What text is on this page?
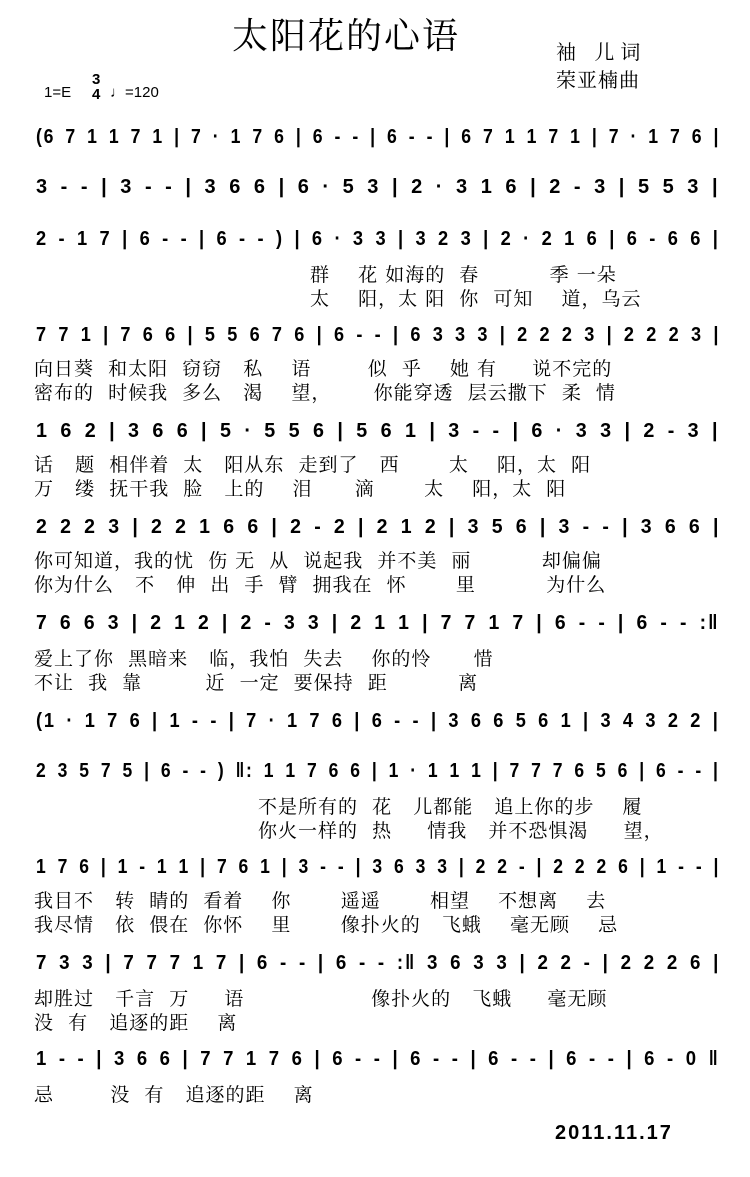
太阳花的心语	袖 儿词
荣亚楠曲
1=E
3
4 ♩=120
(6 7 1 1 7 1 | 7 · 1 7 6 | 6 - - | 6 - - | 6 7 1 1 7 1 | 7 · 1 7 6 |
3 - - | 3 - - | 3 6 6 | 6 · 5 3 | 2 · 3 1 6 | 2 - 3 | 5 5 3 |
2 - 1 7 | 6 - - | 6 - - ) | 6 · 3 3 | 3 2 3 | 2 · 2 1 6 | 6 - 6 6 |
群    花 如海的  春          季 一朵
太    阳，太 阳  你  可知    道，乌云
7 7 1 | 7 6 6 | 5 5 6 7 6 | 6 - - | 6 3 3 3 | 2 2 2 3 | 2 2 2 3 |
向日葵  和太阳  窃窃   私    语        似  乎    她 有     说不完的
密布的  时候我  多么   渴    望，      你能穿透  层云撒下  柔  情
1 6 2 | 3 6 6 | 5 · 5 5 6 | 5 6 1 | 3 - - | 6 · 3 3 | 2 - 3 |
话   题  相伴着  太   阳从东  走到了   西       太    阳，太  阳
万   缕  抚干我  脸   上的    泪      滴       太    阳，太  阳
2 2 2 3 | 2 2 1 6 6 | 2 - 2 | 2 1 2 | 3 5 6 | 3 - - | 3 6 6 |
你可知道，我的忧  伤 无  从  说起我  并不美  丽          却偏偏
你为什么   不   伸  出  手  臂  拥我在  怀       里          为什么
7 6 6 3 | 2 1 2 | 2 - 3 3 | 2 1 1 | 7 7 1 7 | 6 - - | 6 - - :‖
爱上了你  黑暗来   临，我怕  失去    你的怜      惜
不让  我  靠         近  一定  要保持  距          离
(1 · 1 7 6 | 1 - - | 7 · 1 7 6 | 6 - - | 3 6 6 5 6 1 | 3 4 3 2 2 |
2 3 5 7 5 | 6 - - ) ‖: 1 1 7 6 6 | 1 · 1 1 1 | 7 7 7 6 5 6 | 6 - - |
不是所有的  花   儿都能   追上你的步    履
你火一样的  热     情我   并不恐惧渴     望，
1 7 6 | 1 - 1 1 | 7 6 1 | 3 - - | 3 6 3 3 | 2 2 - | 2 2 2 6 | 1 - - |
我目不   转  睛的  看着    你       遥遥       相望    不想离    去
我尽情   依  偎在  你怀    里       像扑火的   飞蛾    毫无顾    忌
7 3 3 | 7 7 7 1 7 | 6 - - | 6 - - :‖ 3 6 3 3 | 2 2 - | 2 2 2 6 |
却胜过   千言  万     语                  像扑火的   飞蛾     毫无顾
没  有   追逐的距    离
1 - - | 3 6 6 | 7 7 1 7 6 | 6 - - | 6 - - | 6 - - | 6 - - | 6 - 0 ‖
忌        没  有   追逐的距    离
2011.11.17
